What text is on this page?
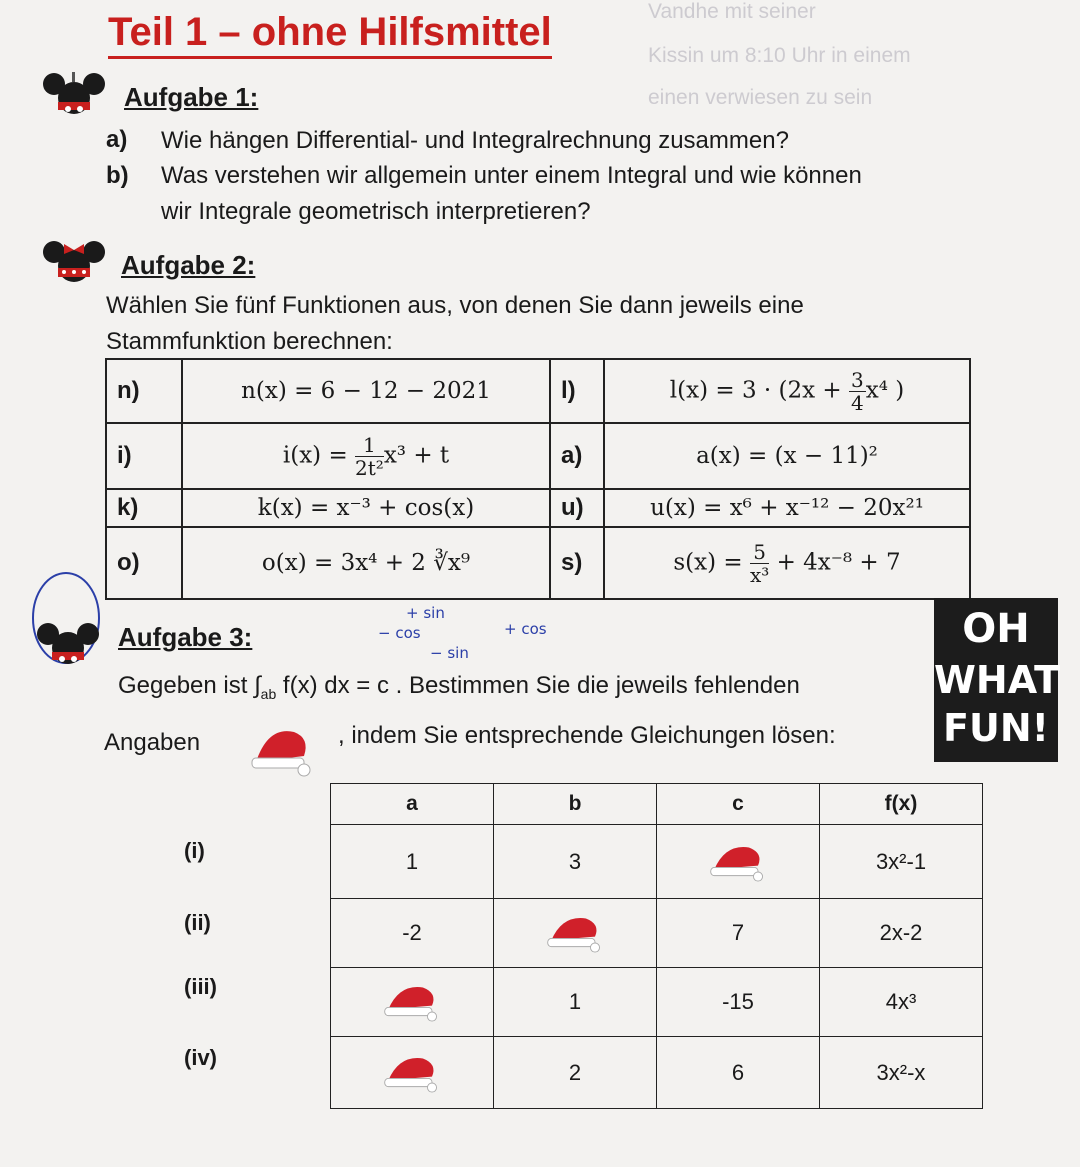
Vandhe mit seiner
Kissin um 8:10 Uhr in einem
einen verwiesen zu sein
Teil 1 – ohne Hilfsmittel
Aufgabe 1:
a) Wie hängen Differential- und Integralrechnung zusammen?
b) Was verstehen wir allgemein unter einem Integral und wie können
wir Integrale geometrisch interpretieren?
Aufgabe 2:
Wählen Sie fünf Funktionen aus, von denen Sie dann jeweils eine
Stammfunktion berechnen:
n)	n(x) = 6 − 12 − 2021	l)	$l(x) = 3 \cdot (2x + \frac{3}{4} x^4$ )
i)	$i(x) = \frac{1}{\text{2t²}} x^3 + t$	a)	a(x) = (x − 11)²
k)	k(x) = x⁻³ + cos(x)	u)	u(x) = x⁶ + x⁻¹² − 20x²¹
o)	o(x) = 3x⁴ + 2 ∛x⁹	s)	$s(x) = \frac{5}{\text{x³}} + 4x^{-8} + 7$
Aufgabe 3:
+ sin
− cos	+ cos
− sin
Gegeben ist $\int_{ab}$ f(x) dx = c . Bestimmen Sie die jeweils fehlenden
Angaben	, indem Sie entsprechende Gleichungen lösen:
OH
WHAT
FUN!
(i)
(ii)
(iii)
(iv)
a	b	c	f(x)
1	3		3x²-1
-2		7	2x-2
	1	-15	4x³
	2	6	3x²-x
